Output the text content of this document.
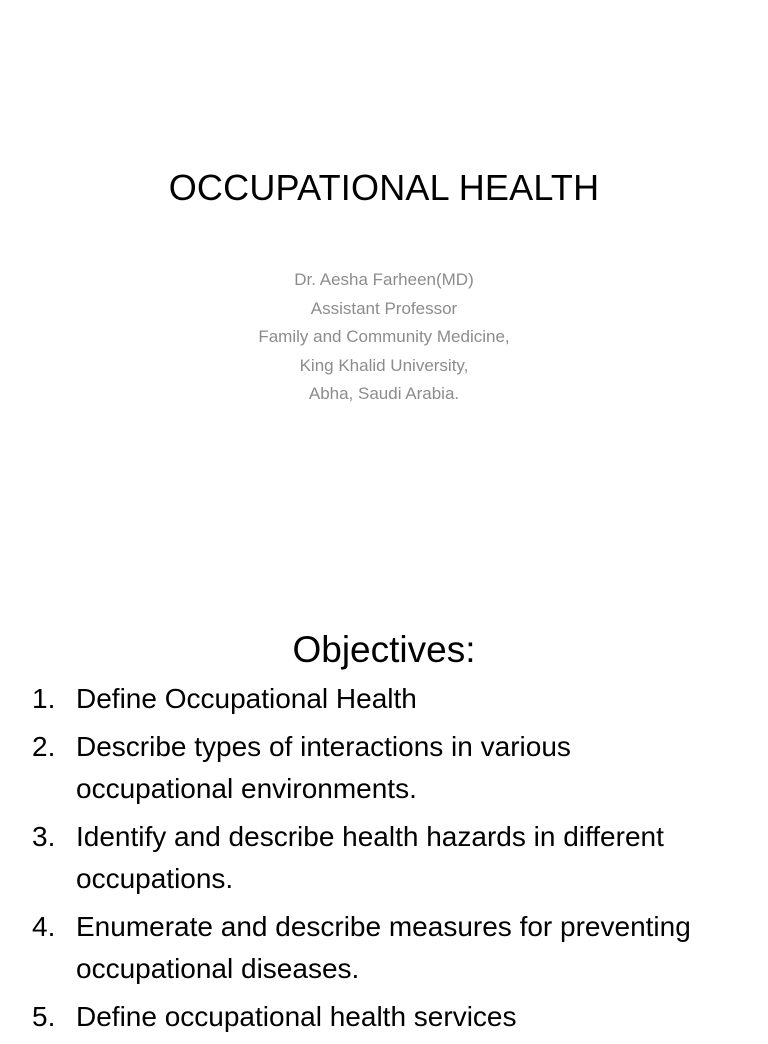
OCCUPATIONAL HEALTH
Dr. Aesha Farheen(MD)
Assistant Professor
Family and Community Medicine,
King Khalid University,
Abha, Saudi Arabia.
Objectives:
1. Define Occupational Health
2. Describe types of interactions in various
occupational environments.
3. Identify and describe health hazards in different
occupations.
4. Enumerate and describe measures for preventing
occupational diseases.
5. Define occupational health services
